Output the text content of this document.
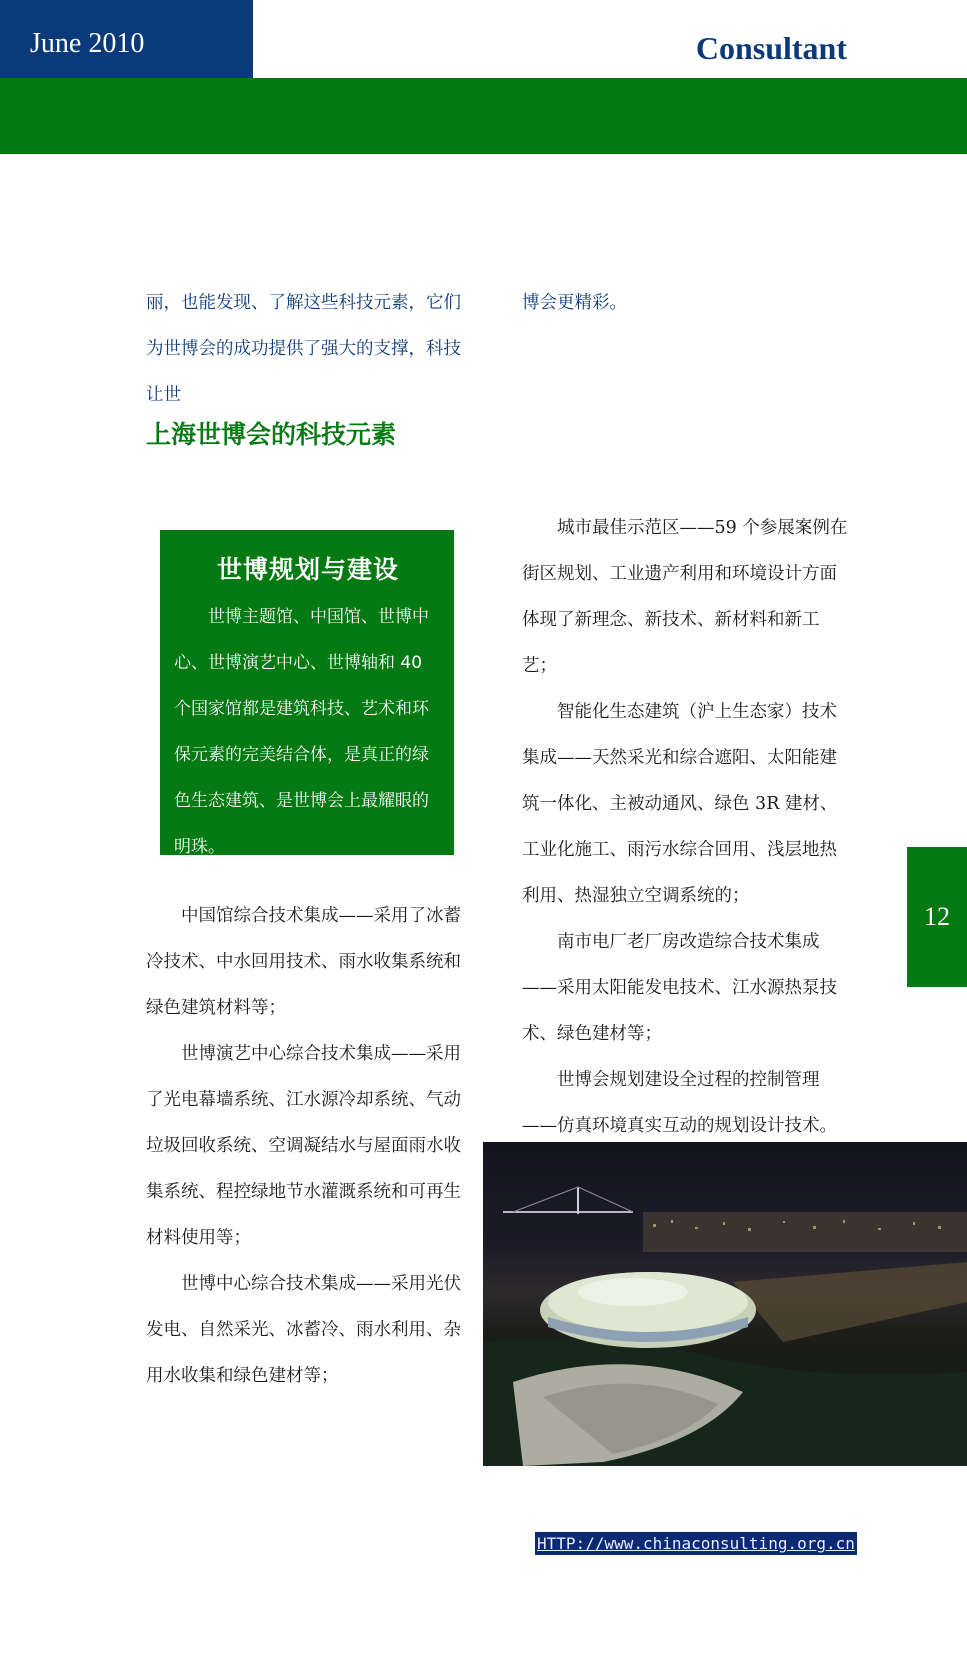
June 2010	Consultant

丽，也能发现、了解这些科技元素，它们为世博会的成功提供了强大的支撑，科技让世

博会更精彩。

上海世博会的科技元素
世博规划与建设

世博主题馆、中国馆、世博中心、世博演艺中心、世博轴和 40 个国家馆都是建筑科技、艺术和环保元素的完美结合体，是真正的绿色生态建筑、是世博会上最耀眼的明珠。

中国馆综合技术集成——采用了冰蓄冷技术、中水回用技术、雨水收集系统和绿色建筑材料等；

世博演艺中心综合技术集成——采用了光电幕墙系统、江水源冷却系统、气动垃圾回收系统、空调凝结水与屋面雨水收集系统、程控绿地节水灌溉系统和可再生材料使用等；

世博中心综合技术集成——采用光伏发电、自然采光、冰蓄冷、雨水利用、杂用水收集和绿色建材等；

城市最佳示范区——59 个参展案例在街区规划、工业遗产利用和环境设计方面体现了新理念、新技术、新材料和新工艺；

智能化生态建筑（沪上生态家）技术集成——天然采光和综合遮阳、太阳能建筑一体化、主被动通风、绿色 3R 建材、工业化施工、雨污水综合回用、浅层地热利用、热湿独立空调系统的；

南市电厂老厂房改造综合技术集成——采用太阳能发电技术、江水源热泵技术、绿色建材等；

世博会规划建设全过程的控制管理——仿真环境真实互动的规划设计技术。

12
HTTP://www.chinaconsulting.org.cn
